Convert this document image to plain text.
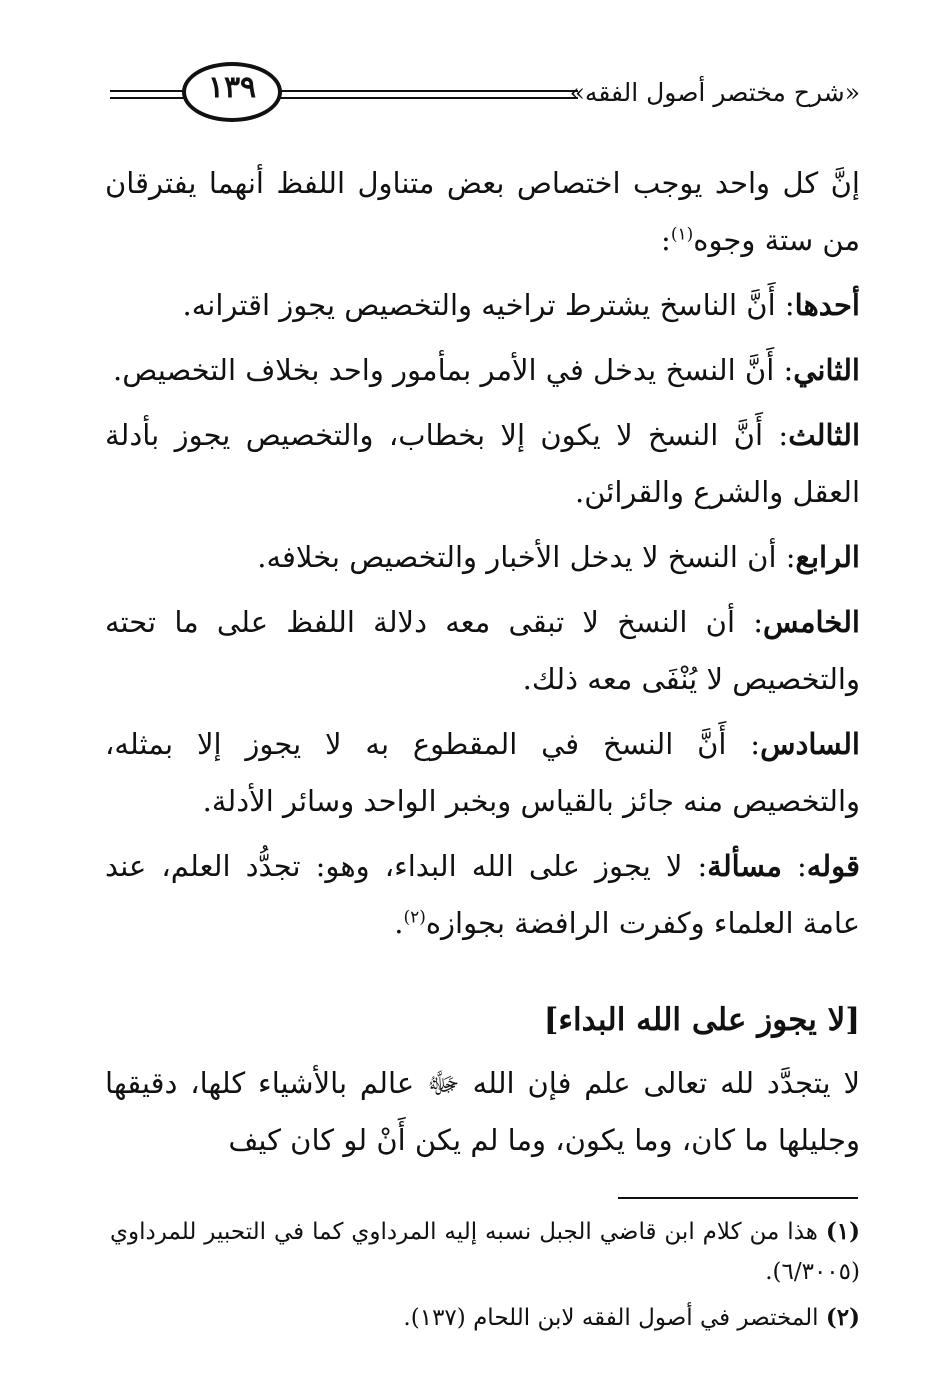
١٣٩	«شرح مختصر أصول الفقه»

إنَّ كل واحد يوجب اختصاص بعض متناول اللفظ أنهما يفترقان من ستة وجوه$^{(١)}$:

أحدها: أَنَّ الناسخ يشترط تراخيه والتخصيص يجوز اقترانه.

الثاني: أَنَّ النسخ يدخل في الأمر بمأمور واحد بخلاف التخصيص.

الثالث: أَنَّ النسخ لا يكون إلا بخطاب، والتخصيص يجوز بأدلة العقل والشرع والقرائن.

الرابع: أن النسخ لا يدخل الأخبار والتخصيص بخلافه.

الخامس: أن النسخ لا تبقى معه دلالة اللفظ على ما تحته والتخصيص لا يُنْفَى معه ذلك.

السادس: أَنَّ النسخ في المقطوع به لا يجوز إلا بمثله، والتخصيص منه جائز بالقياس وبخبر الواحد وسائر الأدلة.

قوله: مسألة: لا يجوز على الله البداء، وهو: تجدُّد العلم، عند عامة العلماء وكفرت الرافضة بجوازه$^{(٢)}$.

[لا يجوز على الله البداء]

لا يتجدَّد لله تعالى علم فإن الله ﷻ عالم بالأشياء كلها، دقيقها وجليلها ما كان، وما يكون، وما لم يكن أَنْ لو كان كيف

(١) هذا من كلام ابن قاضي الجبل نسبه إليه المرداوي كما في التحبير للمرداوي (٦/٣٠٠٥).

(٢) المختصر في أصول الفقه لابن اللحام (١٣٧).
